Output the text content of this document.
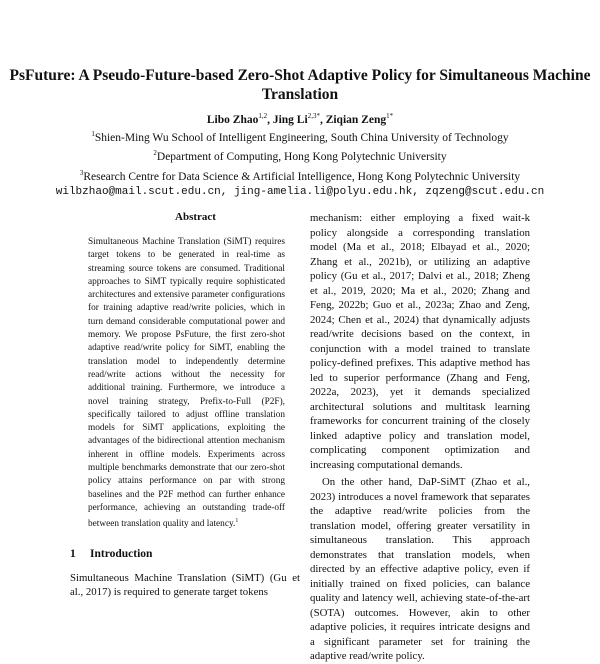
PsFuture: A Pseudo-Future-based Zero-Shot Adaptive Policy for Simultaneous Machine Translation
Libo Zhao$^{1,2}$, Jing $Li^{2,3*}$, Ziqian Zeng$^{1*}$
$^1$Shien-Ming Wu School of Intelligent Engineering, South China University of Technology
$^2$Department of Computing, Hong Kong Polytechnic University
$^3$Research Centre for Data Science & Artificial Intelligence, Hong Kong Polytechnic University
wilbzhao@mail.scut.edu.cn, jing-amelia.li@polyu.edu.hk, zqzeng@scut.edu.cn
Abstract
Simultaneous Machine Translation (SiMT) requires target tokens to be generated in real-time as streaming source tokens are consumed. Traditional approaches to SiMT typically require sophisticated architectures and extensive parameter configurations for training adaptive read/write policies, which in turn demand considerable computational power and memory. We propose PsFuture, the first zero-shot adaptive read/write policy for SiMT, enabling the translation model to independently determine read/write actions without the necessity for additional training. Furthermore, we introduce a novel training strategy, Prefix-to-Full (P2F), specifically tailored to adjust offline translation models for SiMT applications, exploiting the advantages of the bidirectional attention mechanism inherent in offline models. Experiments across multiple benchmarks demonstrate that our zero-shot policy attains performance on par with strong baselines and the P2F method can further enhance performance, achieving an outstanding trade-off between translation quality and latency.$^1$
1 Introduction
Simultaneous Machine Translation (SiMT) (Gu et al., 2017) is required to generate target tokens

mechanism: either employing a fixed wait-k policy alongside a corresponding translation model (Ma et al., 2018; Elbayad et al., 2020; Zhang et al., 2021b), or utilizing an adaptive policy (Gu et al., 2017; Dalvi et al., 2018; Zheng et al., 2019, 2020; Ma et al., 2020; Zhang and Feng, 2022b; Guo et al., 2023a; Zhao and Zeng, 2024; Chen et al., 2024) that dynamically adjusts read/write decisions based on the context, in conjunction with a model trained to translate policy-defined prefixes. This adaptive method has led to superior performance (Zhang and Feng, 2022a, 2023), yet it demands specialized architectural solutions and multitask learning frameworks for concurrent training of the closely linked adaptive policy and translation model, complicating component optimization and increasing computational demands.

On the other hand, DaP-SiMT (Zhao et al., 2023) introduces a novel framework that separates the adaptive read/write policies from the translation model, offering greater versatility in simultaneous translation. This approach demonstrates that translation models, when directed by an effective adaptive policy, even if initially trained on fixed policies, can balance quality and latency well, achieving state-of-the-art (SOTA) outcomes. However, akin to other adaptive policies, it requires intricate designs and a significant parameter set for training the adaptive read/write policy.
